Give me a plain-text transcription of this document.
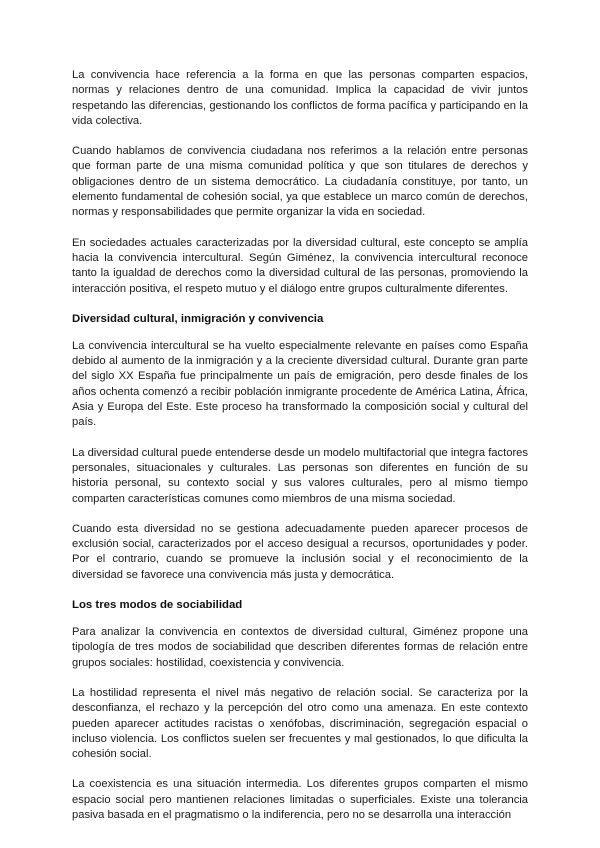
La convivencia hace referencia a la forma en que las personas comparten espacios, normas y relaciones dentro de una comunidad. Implica la capacidad de vivir juntos respetando las diferencias, gestionando los conflictos de forma pacífica y participando en la vida colectiva.

Cuando hablamos de convivencia ciudadana nos referimos a la relación entre personas que forman parte de una misma comunidad política y que son titulares de derechos y obligaciones dentro de un sistema democrático. La ciudadanía constituye, por tanto, un elemento fundamental de cohesión social, ya que establece un marco común de derechos, normas y responsabilidades que permite organizar la vida en sociedad.

En sociedades actuales caracterizadas por la diversidad cultural, este concepto se amplía hacia la convivencia intercultural. Según Giménez, la convivencia intercultural reconoce tanto la igualdad de derechos como la diversidad cultural de las personas, promoviendo la interacción positiva, el respeto mutuo y el diálogo entre grupos culturalmente diferentes.

Diversidad cultural, inmigración y convivencia

La convivencia intercultural se ha vuelto especialmente relevante en países como España debido al aumento de la inmigración y a la creciente diversidad cultural. Durante gran parte del siglo XX España fue principalmente un país de emigración, pero desde finales de los años ochenta comenzó a recibir población inmigrante procedente de América Latina, África, Asia y Europa del Este. Este proceso ha transformado la composición social y cultural del país.

La diversidad cultural puede entenderse desde un modelo multifactorial que integra factores personales, situacionales y culturales. Las personas son diferentes en función de su historia personal, su contexto social y sus valores culturales, pero al mismo tiempo comparten características comunes como miembros de una misma sociedad.

Cuando esta diversidad no se gestiona adecuadamente pueden aparecer procesos de exclusión social, caracterizados por el acceso desigual a recursos, oportunidades y poder. Por el contrario, cuando se promueve la inclusión social y el reconocimiento de la diversidad se favorece una convivencia más justa y democrática.

Los tres modos de sociabilidad

Para analizar la convivencia en contextos de diversidad cultural, Giménez propone una tipología de tres modos de sociabilidad que describen diferentes formas de relación entre grupos sociales: hostilidad, coexistencia y convivencia.

La hostilidad representa el nivel más negativo de relación social. Se caracteriza por la desconfianza, el rechazo y la percepción del otro como una amenaza. En este contexto pueden aparecer actitudes racistas o xenófobas, discriminación, segregación espacial o incluso violencia. Los conflictos suelen ser frecuentes y mal gestionados, lo que dificulta la cohesión social.

La coexistencia es una situación intermedia. Los diferentes grupos comparten el mismo espacio social pero mantienen relaciones limitadas o superficiales. Existe una tolerancia pasiva basada en el pragmatismo o la indiferencia, pero no se desarrolla una interacción
